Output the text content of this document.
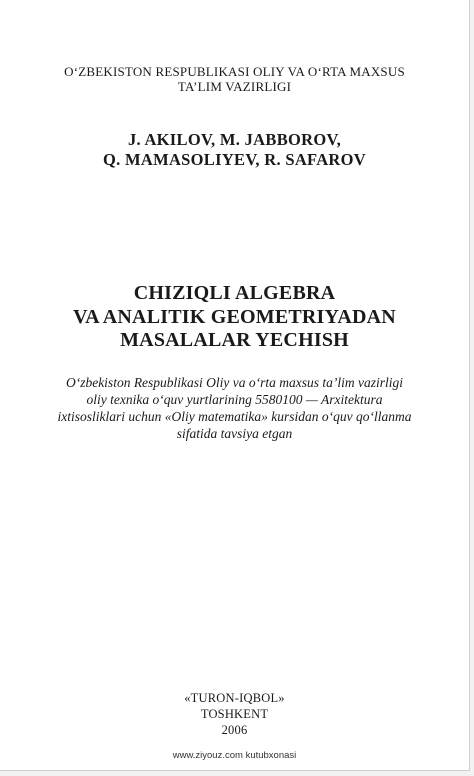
O‘ZBEKISTON RESPUBLIKASI OLIY VA O‘RTA MAXSUS
TA’LIM VAZIRLIGI
J. AKILOV, M. JABBOROV,
Q. MAMASOLIYEV, R. SAFAROV
CHIZIQLI ALGEBRA
VA ANALITIK GEOMETRIYADAN
MASALALAR YECHISH
O‘zbekiston Respublikasi Oliy va o‘rta maxsus ta’lim vazirligi
oliy texnika o‘quv yurtlarining 5580100 — Arxitektura
ixtisosliklari uchun «Oliy matematika» kursidan o‘quv qo‘llanma
sifatida tavsiya etgan
«TURON-IQBOL»
TOSHKENT
2006
www.ziyouz.com kutubxonasi
